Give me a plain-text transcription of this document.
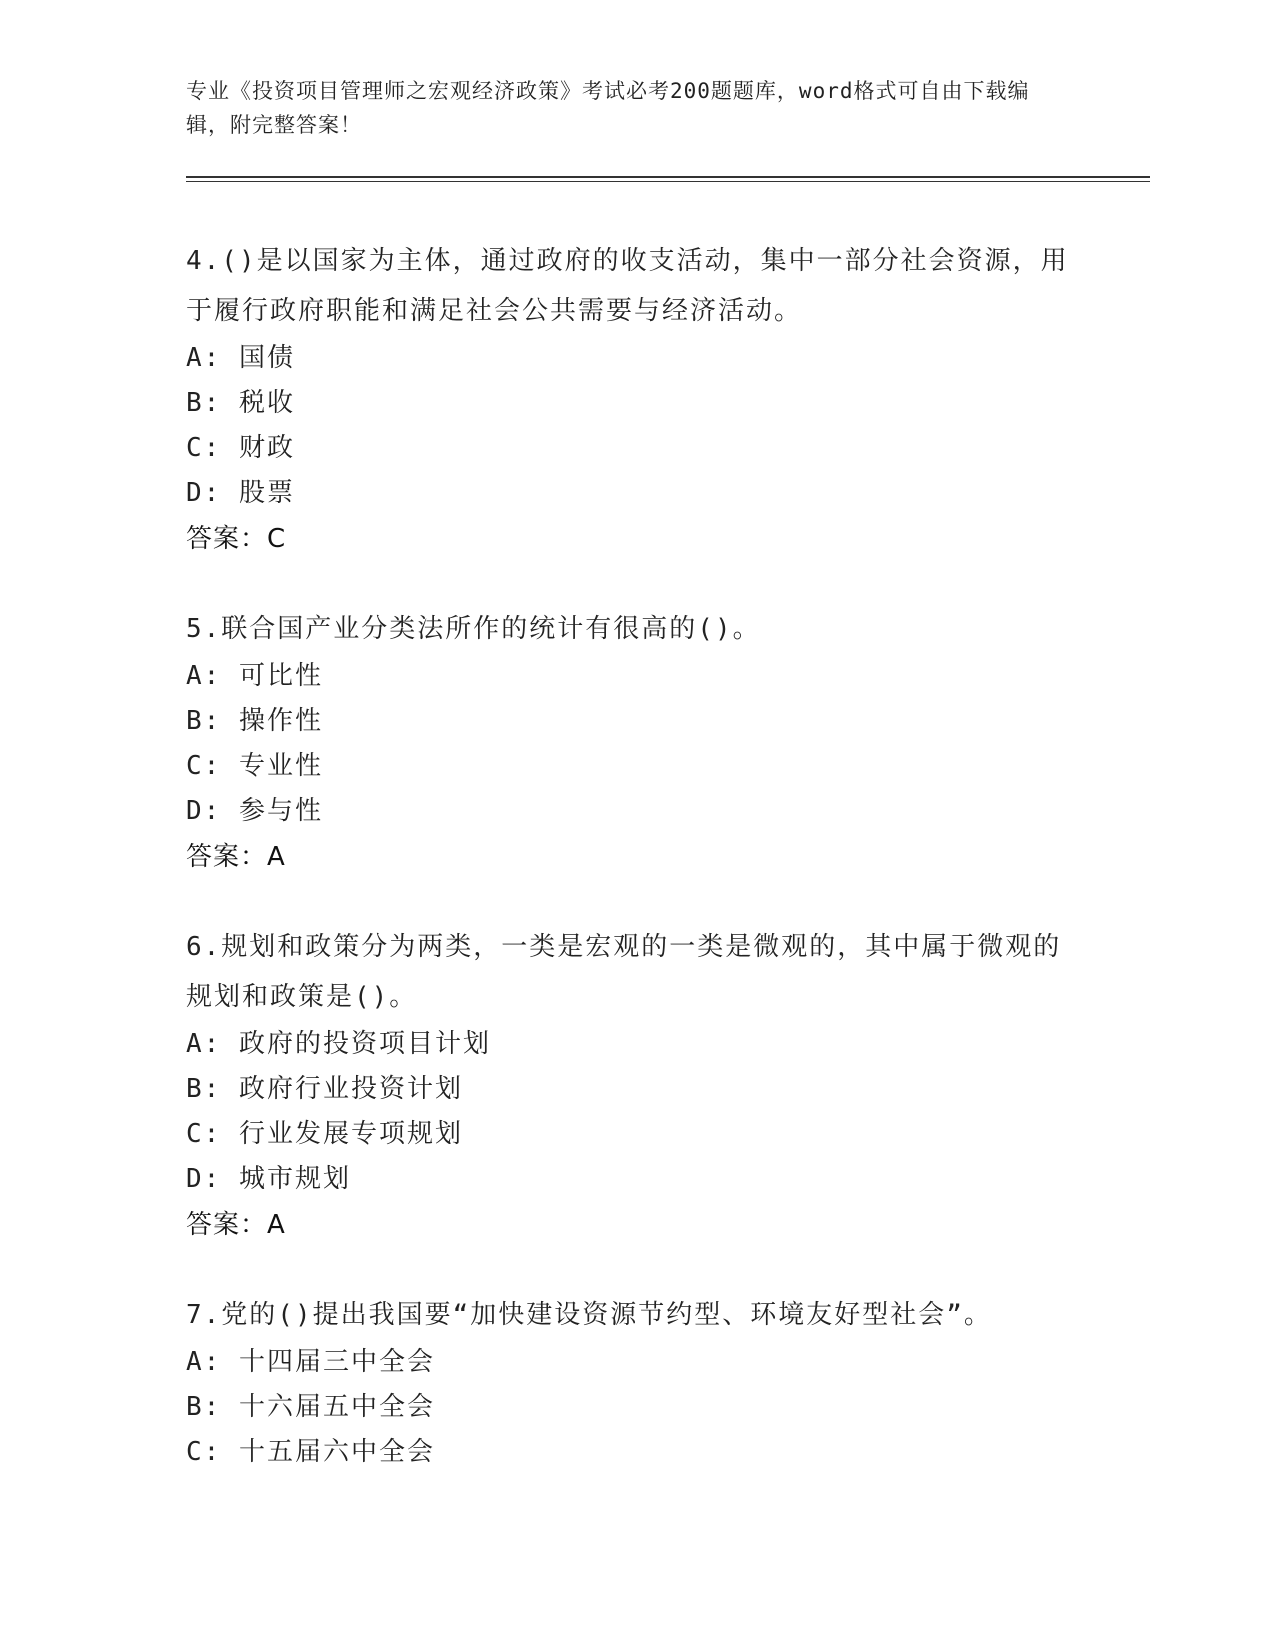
专业《投资项目管理师之宏观经济政策》考试必考200题题库，word格式可自由下载编辑，附完整答案！
4.()是以国家为主体，通过政府的收支活动，集中一部分社会资源，用于履行政府职能和满足社会公共需要与经济活动。
A: 国债
B: 税收
C: 财政
D: 股票
答案：C
5.联合国产业分类法所作的统计有很高的()。
A: 可比性
B: 操作性
C: 专业性
D: 参与性
答案：A
6.规划和政策分为两类，一类是宏观的一类是微观的，其中属于微观的规划和政策是()。
A: 政府的投资项目计划
B: 政府行业投资计划
C: 行业发展专项规划
D: 城市规划
答案：A
7.党的()提出我国要“加快建设资源节约型、环境友好型社会”。
A: 十四届三中全会
B: 十六届五中全会
C: 十五届六中全会
